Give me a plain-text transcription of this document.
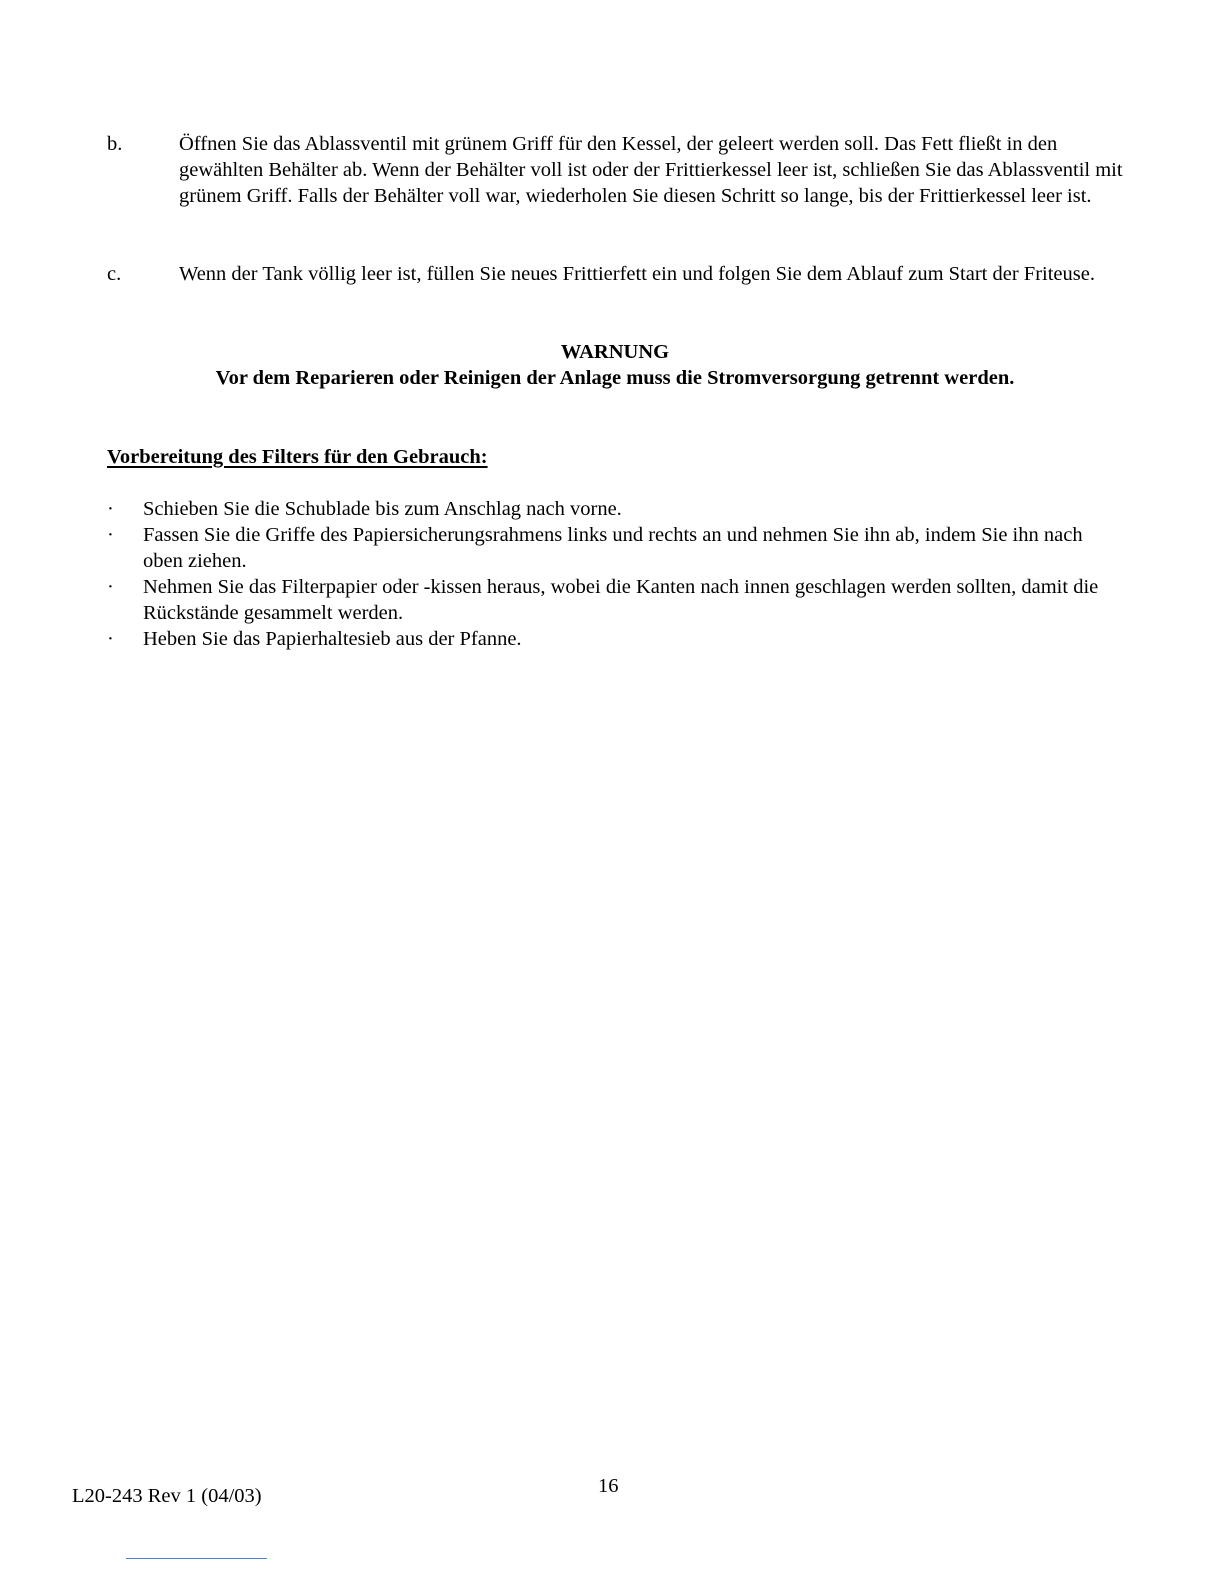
b.	Öffnen Sie das Ablassventil mit grünem Griff für den Kessel, der geleert werden soll. Das Fett fließt in den gewählten Behälter ab. Wenn der Behälter voll ist oder der Frittierkessel leer ist, schließen Sie das Ablassventil mit grünem Griff. Falls der Behälter voll war, wiederholen Sie diesen Schritt so lange, bis der Frittierkessel leer ist.
c.	Wenn der Tank völlig leer ist, füllen Sie neues Frittierfett ein und folgen Sie dem Ablauf zum Start der Friteuse.
WARNUNG
Vor dem Reparieren oder Reinigen der Anlage muss die Stromversorgung getrennt werden.
Vorbereitung des Filters für den Gebrauch:
· Schieben Sie die Schublade bis zum Anschlag nach vorne.
· Fassen Sie die Griffe des Papiersicherungsrahmens links und rechts an und nehmen Sie ihn ab, indem Sie ihn nach oben ziehen.
· Nehmen Sie das Filterpapier oder -kissen heraus, wobei die Kanten nach innen geschlagen werden sollten, damit die Rückstände gesammelt werden.
· Heben Sie das Papierhaltesieb aus der Pfanne.
L20-243 Rev 1 (04/03)	16
